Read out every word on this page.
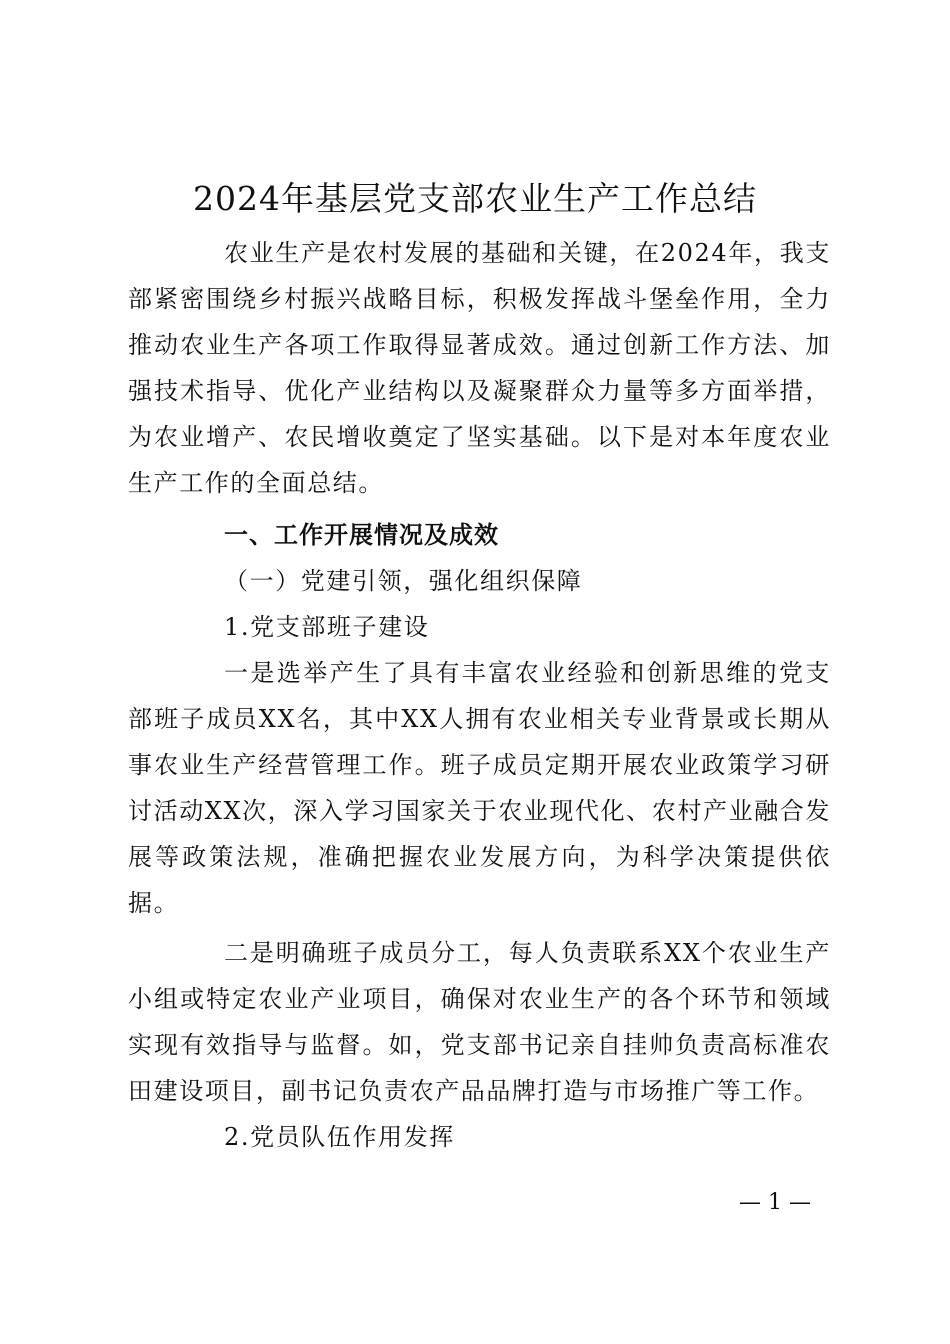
2024年基层党支部农业生产工作总结

农业生产是农村发展的基础和关键，在2024年，我支部紧密围绕乡村振兴战略目标，积极发挥战斗堡垒作用，全力推动农业生产各项工作取得显著成效。通过创新工作方法、加强技术指导、优化产业结构以及凝聚群众力量等多方面举措，为农业增产、农民增收奠定了坚实基础。以下是对本年度农业生产工作的全面总结。

一、工作开展情况及成效

（一）党建引领，强化组织保障

1.党支部班子建设

一是选举产生了具有丰富农业经验和创新思维的党支部班子成员XX名，其中XX人拥有农业相关专业背景或长期从事农业生产经营管理工作。班子成员定期开展农业政策学习研讨活动XX次，深入学习国家关于农业现代化、农村产业融合发展等政策法规，准确把握农业发展方向，为科学决策提供依据。

二是明确班子成员分工，每人负责联系XX个农业生产小组或特定农业产业项目，确保对农业生产的各个环节和领域实现有效指导与监督。如，党支部书记亲自挂帅负责高标准农田建设项目，副书记负责农产品品牌打造与市场推广等工作。

2.党员队伍作用发挥

— 1 —
